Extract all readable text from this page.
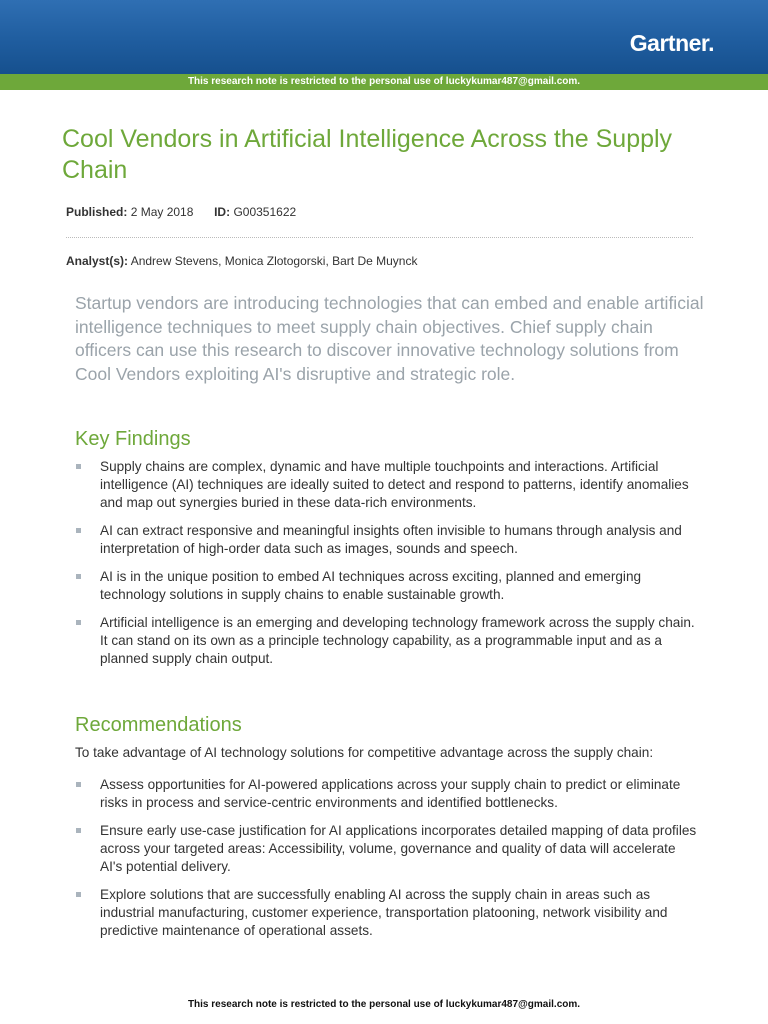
Gartner.
This research note is restricted to the personal use of luckykumar487@gmail.com.
Cool Vendors in Artificial Intelligence Across the Supply Chain
Published: 2 May 2018 ID: G00351622
Analyst(s): Andrew Stevens, Monica Zlotogorski, Bart De Muynck

Startup vendors are introducing technologies that can embed and enable artificial intelligence techniques to meet supply chain objectives. Chief supply chain officers can use this research to discover innovative technology solutions from Cool Vendors exploiting AI's disruptive and strategic role.

Key Findings
Supply chains are complex, dynamic and have multiple touchpoints and interactions. Artificial intelligence (AI) techniques are ideally suited to detect and respond to patterns, identify anomalies and map out synergies buried in these data-rich environments.
AI can extract responsive and meaningful insights often invisible to humans through analysis and interpretation of high-order data such as images, sounds and speech.
AI is in the unique position to embed AI techniques across exciting, planned and emerging technology solutions in supply chains to enable sustainable growth.
Artificial intelligence is an emerging and developing technology framework across the supply chain. It can stand on its own as a principle technology capability, as a programmable input and as a planned supply chain output.
Recommendations

To take advantage of AI technology solutions for competitive advantage across the supply chain:

Assess opportunities for AI-powered applications across your supply chain to predict or eliminate risks in process and service-centric environments and identified bottlenecks.
Ensure early use-case justification for AI applications incorporates detailed mapping of data profiles across your targeted areas: Accessibility, volume, governance and quality of data will accelerate AI's potential delivery.
Explore solutions that are successfully enabling AI across the supply chain in areas such as industrial manufacturing, customer experience, transportation platooning, network visibility and predictive maintenance of operational assets.
This research note is restricted to the personal use of luckykumar487@gmail.com.
